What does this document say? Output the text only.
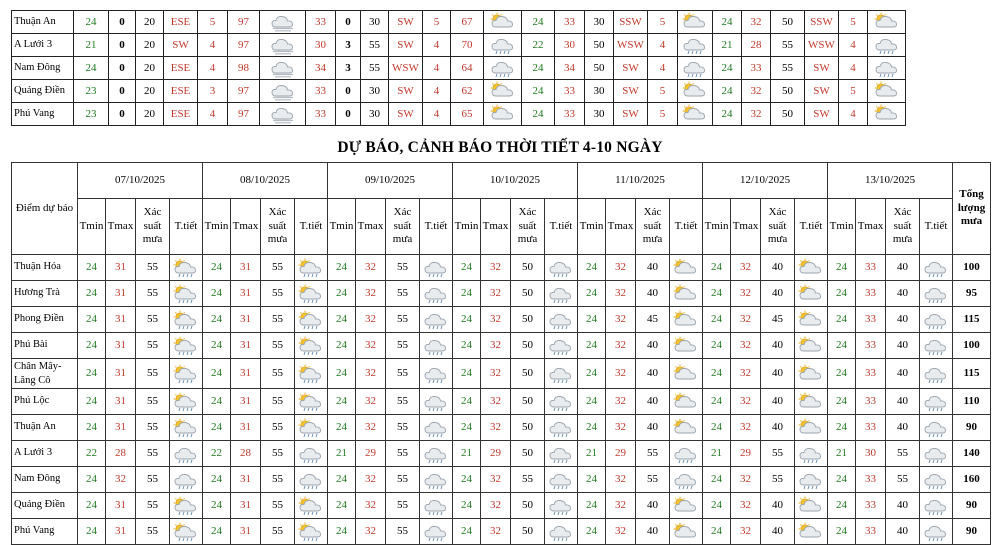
Thuận An	24	0	20	ESE	5	97		33	0	30	SW	5	67		24	33	30	SSW	5		24	32	50	SSW	5	

A Lưới 3	21	0	20	SW	4	97		30	3	55	SW	4	70		22	30	50	WSW	4		21	28	55	WSW	4	

Nam Đông	24	0	20	ESE	4	98		34	3	55	WSW	4	64		24	34	50	SW	4		24	33	55	SW	4	

Quảng Điền	23	0	20	ESE	3	97		33	0	30	SW	4	62		24	33	30	SW	5		24	32	50	SW	5	

Phú Vang	23	0	20	ESE	4	97		33	0	30	SW	4	65		24	33	30	SW	5		24	32	50	SW	4	
DỰ BÁO, CẢNH BÁO THỜI TIẾT 4-10 NGÀY
Điểm dự báo	07/10/2025				08/10/2025				09/10/2025				10/10/2025				11/10/2025				12/10/2025				13/10/2025				Tổng lượng mưa
	Tmin	Tmax	Xác suất mưa	T.tiết	Tmin	Tmax	Xác suất mưa	T.tiết	Tmin	Tmax	Xác suất mưa	T.tiết	Tmin	Tmax	Xác suất mưa	T.tiết	Tmin	Tmax	Xác suất mưa	T.tiết	Tmin	Tmax	Xác suất mưa	T.tiết	Tmin	Tmax	Xác suất mưa	T.tiết	
Thuận Hóa	24	31	55		24	31	55		24	32	55		24	32	50		24	32	40		24	32	40		24	33	40		100
Hương Trà	24	31	55		24	31	55		24	32	55		24	32	50		24	32	40		24	32	40		24	33	40		95
Phong Điền	24	31	55		24	31	55		24	32	55		24	32	50		24	32	45		24	32	45		24	33	40		115
Phú Bài	24	31	55		24	31	55		24	32	55		24	32	50		24	32	40		24	32	40		24	33	40		100
Chân Mây-Lăng Cô	24	31	55		24	31	55		24	32	55		24	32	50		24	32	40		24	32	40		24	33	40		115
Phú Lộc	24	31	55		24	31	55		24	32	55		24	32	50		24	32	40		24	32	40		24	33	40		110
Thuận An	24	31	55		24	31	55		24	32	55		24	32	50		24	32	40		24	32	40		24	33	40		90
A Lưới 3	22	28	55		22	28	55		21	29	55		21	29	50		21	29	55		21	29	55		21	30	55		140
Nam Đông	24	32	55		24	31	55		24	32	55		24	32	55		24	32	55		24	32	55		24	33	55		160
Quảng Điền	24	31	55		24	31	55		24	32	55		24	32	50		24	32	40		24	32	40		24	33	40		90
Phú Vang	24	31	55		24	31	55		24	32	55		24	32	50		24	32	40		24	32	40		24	33	40		90
